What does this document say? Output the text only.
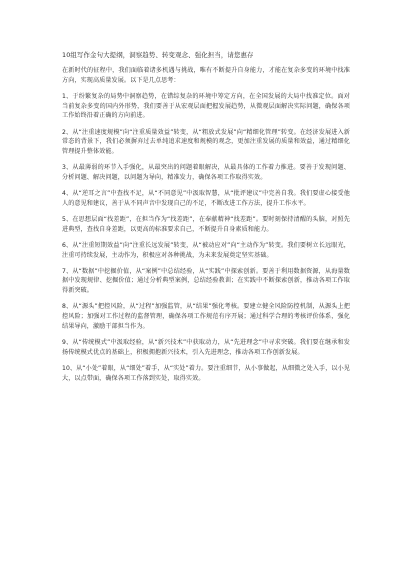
10组写作金句大提纲，洞察趋势、转变观念、强化担当，请您惠存

在新时代的征程中，我们面临着诸多机遇与挑战，唯有不断提升自身能力，才能在复杂多变的环境中找准方向，实现高质量发展。以下是几点思考：

1、于纷繁复杂的局势中洞察趋势，在错综复杂的环境中筹定方向，在全国发展的大局中找准定位。面对当前复杂多变的国内外形势，我们要善于从宏观层面把握发展趋势，从微观层面解决实际问题，确保各项工作始终沿着正确的方向前进。

2、从“注重速度规模”向“注重质量效益”转变，从“粗放式发展”向“精细化管理”转变。在经济发展进入新常态的背景下，我们必须摒弃过去单纯追求速度和规模的观念，更加注重发展的质量和效益，通过精细化管理提升整体效能。

3、从最薄弱的环节入手强化，从最突出的问题着眼解决，从最具体的工作着力推进。要善于发现问题、分析问题、解决问题，以问题为导向，精准发力，确保各项工作取得实效。

4、从“逆耳之言”中查找不足，从“不同意见”中汲取智慧，从“批评建议”中完善自我。我们要虚心接受他人的意见和建议，善于从不同声音中发现自己的不足，不断改进工作方法，提升工作水平。

5、在思想层面“找差距”，在担当作为“找差距”，在奉献精神“找差距”。要时刻保持清醒的头脑，对照先进典型，查找自身差距，以更高的标准要求自己，不断提升自身素质和能力。

6、从“注重短期效益”向“注重长远发展”转变，从“被动应对”向“主动作为”转变。我们要树立长远眼光，注重可持续发展，主动作为，积极应对各种挑战，为未来发展奠定坚实基础。

7、从“数据”中挖掘价值，从“案例”中总结经验，从“实践”中探索创新。要善于利用数据资源，从海量数据中发现规律、挖掘价值；通过分析典型案例，总结经验教训；在实践中不断探索创新，推动各项工作取得新突破。

8、从“源头”把控风险，从“过程”加强监管，从“结果”强化考核。要建立健全风险防控机制，从源头上把控风险；加强对工作过程的监督管理，确保各项工作规范有序开展；通过科学合理的考核评价体系，强化结果导向，激励干部担当作为。

9、从“传统模式”中汲取经验，从“新兴技术”中获取动力，从“先进理念”中寻求突破。我们要在继承和发扬传统模式优点的基础上，积极拥抱新兴技术，引入先进理念，推动各项工作创新发展。

10、从“小处”着眼，从“细处”着手，从“实处”着力。要注重细节，从小事做起，从细微之处入手，以小见大，以点带面，确保各项工作落到实处，取得实效。
